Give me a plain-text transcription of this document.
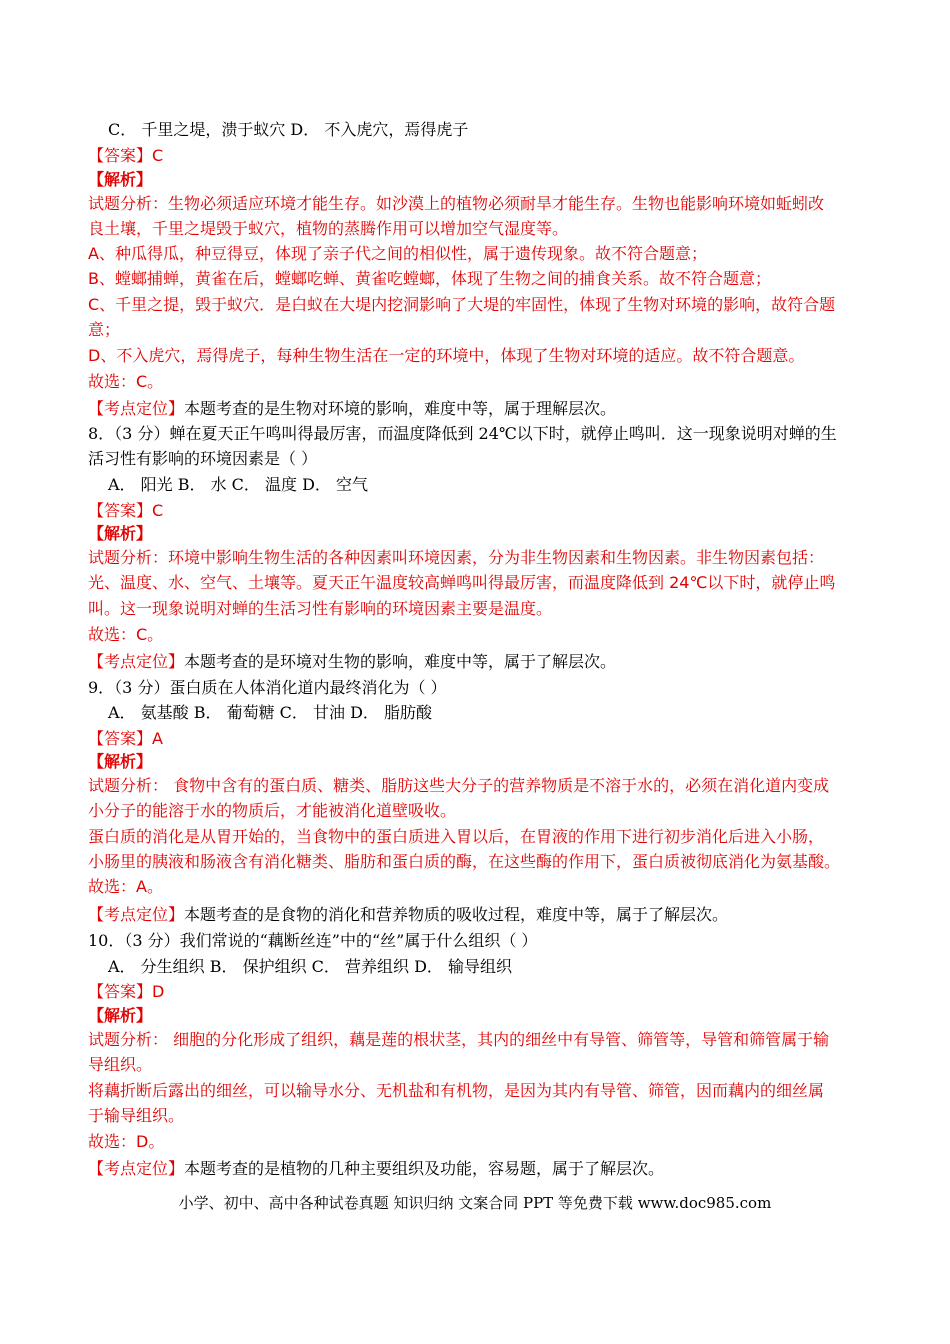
C． 千里之堤，溃于蚁穴 D． 不入虎穴，焉得虎子

【答案】C

【解析】

试题分析：生物必须适应环境才能生存。如沙漠上的植物必须耐旱才能生存。生物也能影响环境如蚯蚓改

良土壤，千里之堤毁于蚁穴，植物的蒸腾作用可以增加空气湿度等。

A、种瓜得瓜，种豆得豆，体现了亲子代之间的相似性，属于遗传现象。故不符合题意；

B、螳螂捕蝉，黄雀在后，螳螂吃蝉、黄雀吃螳螂，体现了生物之间的捕食关系。故不符合题意；

C、千里之提，毁于蚁穴．是白蚁在大堤内挖洞影响了大堤的牢固性，体现了生物对环境的影响，故符合题

意；

D、不入虎穴，焉得虎子，每种生物生活在一定的环境中，体现了生物对环境的适应。故不符合题意。

故选：C。

【考点定位】本题考查的是生物对环境的影响，难度中等，属于理解层次。

8．（3 分）蝉在夏天正午鸣叫得最厉害，而温度降低到 24℃以下时，就停止鸣叫．这一现象说明对蝉的生

活习性有影响的环境因素是（ ）

A． 阳光 B． 水 C． 温度 D． 空气

【答案】C

【解析】

试题分析：环境中影响生物生活的各种因素叫环境因素，分为非生物因素和生物因素。非生物因素包括：

光、温度、水、空气、土壤等。夏天正午温度较高蝉鸣叫得最厉害，而温度降低到 24℃以下时，就停止鸣

叫。这一现象说明对蝉的生活习性有影响的环境因素主要是温度。

故选：C。

【考点定位】本题考查的是环境对生物的影响，难度中等，属于了解层次。

9．（3 分）蛋白质在人体消化道内最终消化为（ ）

A． 氨基酸 B． 葡萄糖 C． 甘油 D． 脂肪酸

【答案】A

【解析】

试题分析： 食物中含有的蛋白质、糖类、脂肪这些大分子的营养物质是不溶于水的，必须在消化道内变成

小分子的能溶于水的物质后，才能被消化道壁吸收。

蛋白质的消化是从胃开始的，当食物中的蛋白质进入胃以后，在胃液的作用下进行初步消化后进入小肠，

小肠里的胰液和肠液含有消化糖类、脂肪和蛋白质的酶，在这些酶的作用下，蛋白质被彻底消化为氨基酸。

故选：A。

【考点定位】本题考查的是食物的消化和营养物质的吸收过程，难度中等，属于了解层次。

10．（3 分）我们常说的“藕断丝连”中的“丝”属于什么组织（ ）

A． 分生组织 B． 保护组织 C． 营养组织 D． 输导组织

【答案】D

【解析】

试题分析： 细胞的分化形成了组织，藕是莲的根状茎，其内的细丝中有导管、筛管等，导管和筛管属于输

导组织。

将藕折断后露出的细丝，可以输导水分、无机盐和有机物，是因为其内有导管、筛管，因而藕内的细丝属

于输导组织。

故选：D。

【考点定位】本题考查的是植物的几种主要组织及功能，容易题，属于了解层次。

小学、初中、高中各种试卷真题 知识归纳 文案合同 PPT 等免费下载 www.doc985.com
